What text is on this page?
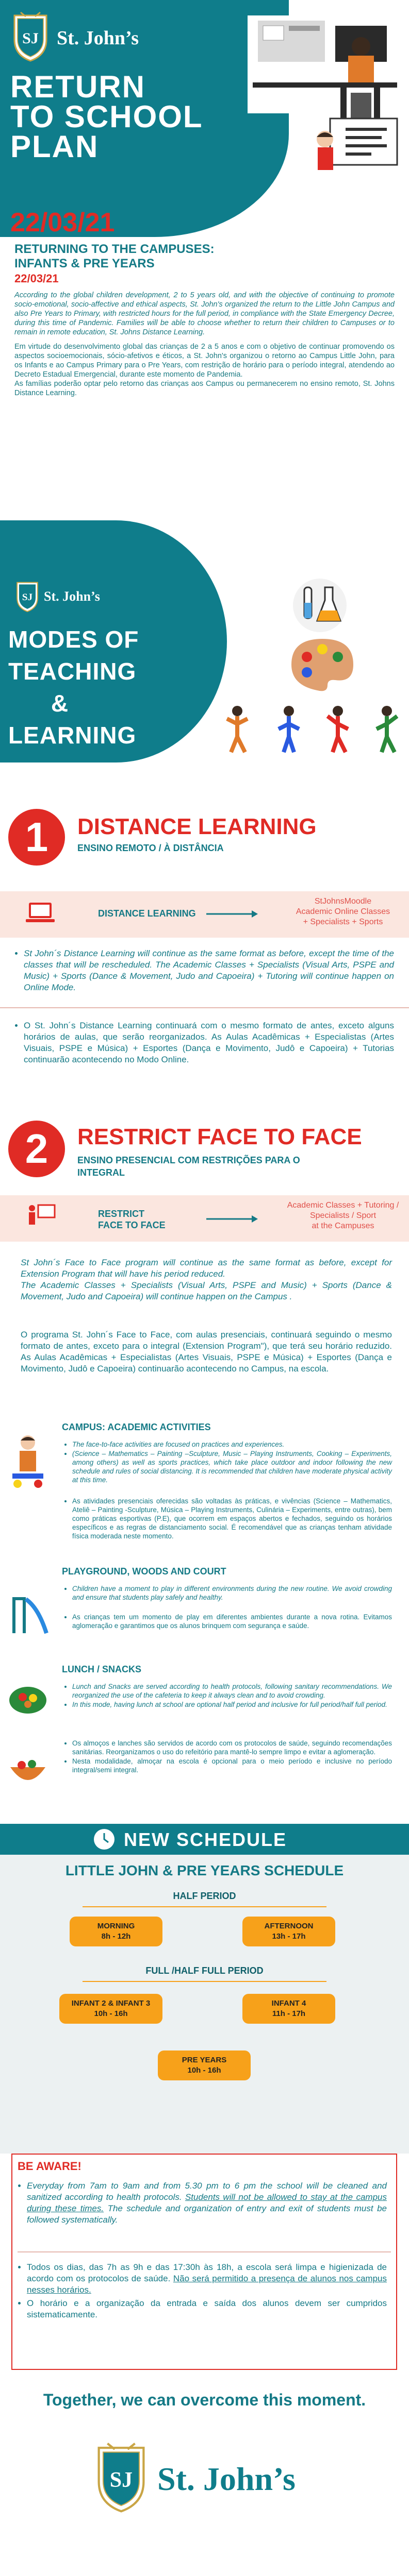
SJ St. John’s
RETURN
TO SCHOOL
PLAN
22/03/21
RETURNING TO THE CAMPUSES:
INFANTS & PRE YEARS
22/03/21

According to the global children development, 2 to 5 years old, and with the objective of continuing to promote socio-emotional, socio-affective and ethical aspects, St. John's organized the return to the Little John Campus and also Pre Years to Primary, with restricted hours for the full period, in compliance with the State Emergency Decree, during this time of Pandemic. Families will be able to choose whether to return their children to Campuses or to remain in remote education, St. Johns Distance Learning.

Em virtude do desenvolvimento global das crianças de 2 a 5 anos e com o objetivo de continuar promovendo os aspectos socioemocionais, sócio-afetivos e éticos, a St. John's organizou o retorno ao Campus Little John, para os Infants e ao Campus Primary para o Pre Years, com restrição de horário para o período integral, atendendo ao Decreto Estadual Emergencial, durante este momento de Pandemia.
As famílias poderão optar pelo retorno das crianças aos Campus ou permanecerem no ensino remoto, St. Johns Distance Learning.

SJ St. John’s
MODES OF
TEACHING
&
LEARNING
1	DISTANCE LEARNING
ENSINO REMOTO / À DISTÂNCIA
DISTANCE LEARNING
StJohnsMoodle
Academic Online Classes
+ Specialists + Sports
• St John´s Distance Learning will continue as the same format as before, except the time of the classes that will be rescheduled. The Academic Classes + Specialists (Visual Arts, PSPE and Music) + Sports (Dance & Movement, Judo and Capoeira) + Tutoring will continue happen on Online Mode.
• O St. John´s Distance Learning continuará com o mesmo formato de antes, exceto alguns horários de aulas, que serão reorganizados. As Aulas Acadêmicas + Especialistas (Artes Visuais, PSPE e Música) + Esportes (Dança e Movimento, Judô e Capoeira) + Tutorias continuarão acontecendo no Modo Online.
2	RESTRICT FACE TO FACE
ENSINO PRESENCIAL COM RESTRIÇÕES PARA O
INTEGRAL
RESTRICT
FACE TO FACE
Academic Classes + Tutoring /
Specialists / Sport
at the Campuses
St John´s Face to Face program will continue as the same format as before, except for Extension Program that will have his period reduced.
The Academic Classes + Specialists (Visual Arts, PSPE and Music) + Sports (Dance & Movement, Judo and Capoeira) will continue happen on the Campus .
O programa St. John´s Face to Face, com aulas presenciais, continuará seguindo o mesmo formato de antes, exceto para o integral (Extension Program"), que terá seu horário reduzido. As Aulas Acadêmicas + Especialistas (Artes Visuais, PSPE e Música) + Esportes (Dança e Movimento, Judô e Capoeira) continuarão acontecendo no Campus, na escola.
CAMPUS: ACADEMIC ACTIVITIES
• The face-to-face activities are focused on practices and experiences.
• (Science – Mathematics – Painting –Sculpture, Music – Playing Instruments, Cooking – Experiments, among others) as well as sports practices, which take place outdoor and indoor following the new schedule and rules of social distancing. It is recommended that children have moderate physical activity at this time.
• As atividades presenciais oferecidas são voltadas às práticas, e vivências (Science – Mathematics, Ateliê – Painting -Sculpture, Música – Playing Instruments, Culinária – Experiments, entre outras), bem como práticas esportivas (P.E), que ocorrem em espaços abertos e fechados, seguindo os horários específicos e as regras de distanciamento social. É recomendável que as crianças tenham atividade física moderada neste momento.
PLAYGROUND, WOODS AND COURT
• Children have a moment to play in different environments during the new routine. We avoid crowding and ensure that students play safely and healthy.
• As crianças tem um momento de play em diferentes ambientes durante a nova rotina. Evitamos aglomeração e garantimos que os alunos brinquem com segurança e saúde.
LUNCH / SNACKS
• Lunch and Snacks are served according to health protocols, following sanitary recommendations. We reorganized the use of the cafeteria to keep it always clean and to avoid crowding.
• In this mode, having lunch at school are optional half period and inclusive for full period/half full period.
• Os almoços e lanches são servidos de acordo com os protocolos de saúde, seguindo recomendações sanitárias. Reorganizamos o uso do refeitório para mantê-lo sempre limpo e evitar a aglomeração.
• Nesta modalidade, almoçar na escola é opcional para o meio período e inclusive no período integral/semi integral.
NEW SCHEDULE
LITTLE JOHN & PRE YEARS SCHEDULE
HALF PERIOD
MORNING
8h - 12h
AFTERNOON
13h - 17h
FULL /HALF FULL PERIOD
INFANT 2 & INFANT 3
10h - 16h
INFANT 4
11h - 17h
PRE YEARS
10h - 16h
BE AWARE!
• Everyday from 7am to 9am and from 5.30 pm to 6 pm the school will be cleaned and sanitized according to health protocols. Students will not be allowed to stay at the campus during these times. The schedule and organization of entry and exit of students must be followed systematically.
• Todos os dias, das 7h as 9h e das 17:30h às 18h, a escola será limpa e higienizada de acordo com os protocolos de saúde. Não será permitido a presença de alunos nos campus nesses horários.
• O horário e a organização da entrada e saída dos alunos devem ser cumpridos sistematicamente.
Together, we can overcome this moment.
SJ St. John’s
